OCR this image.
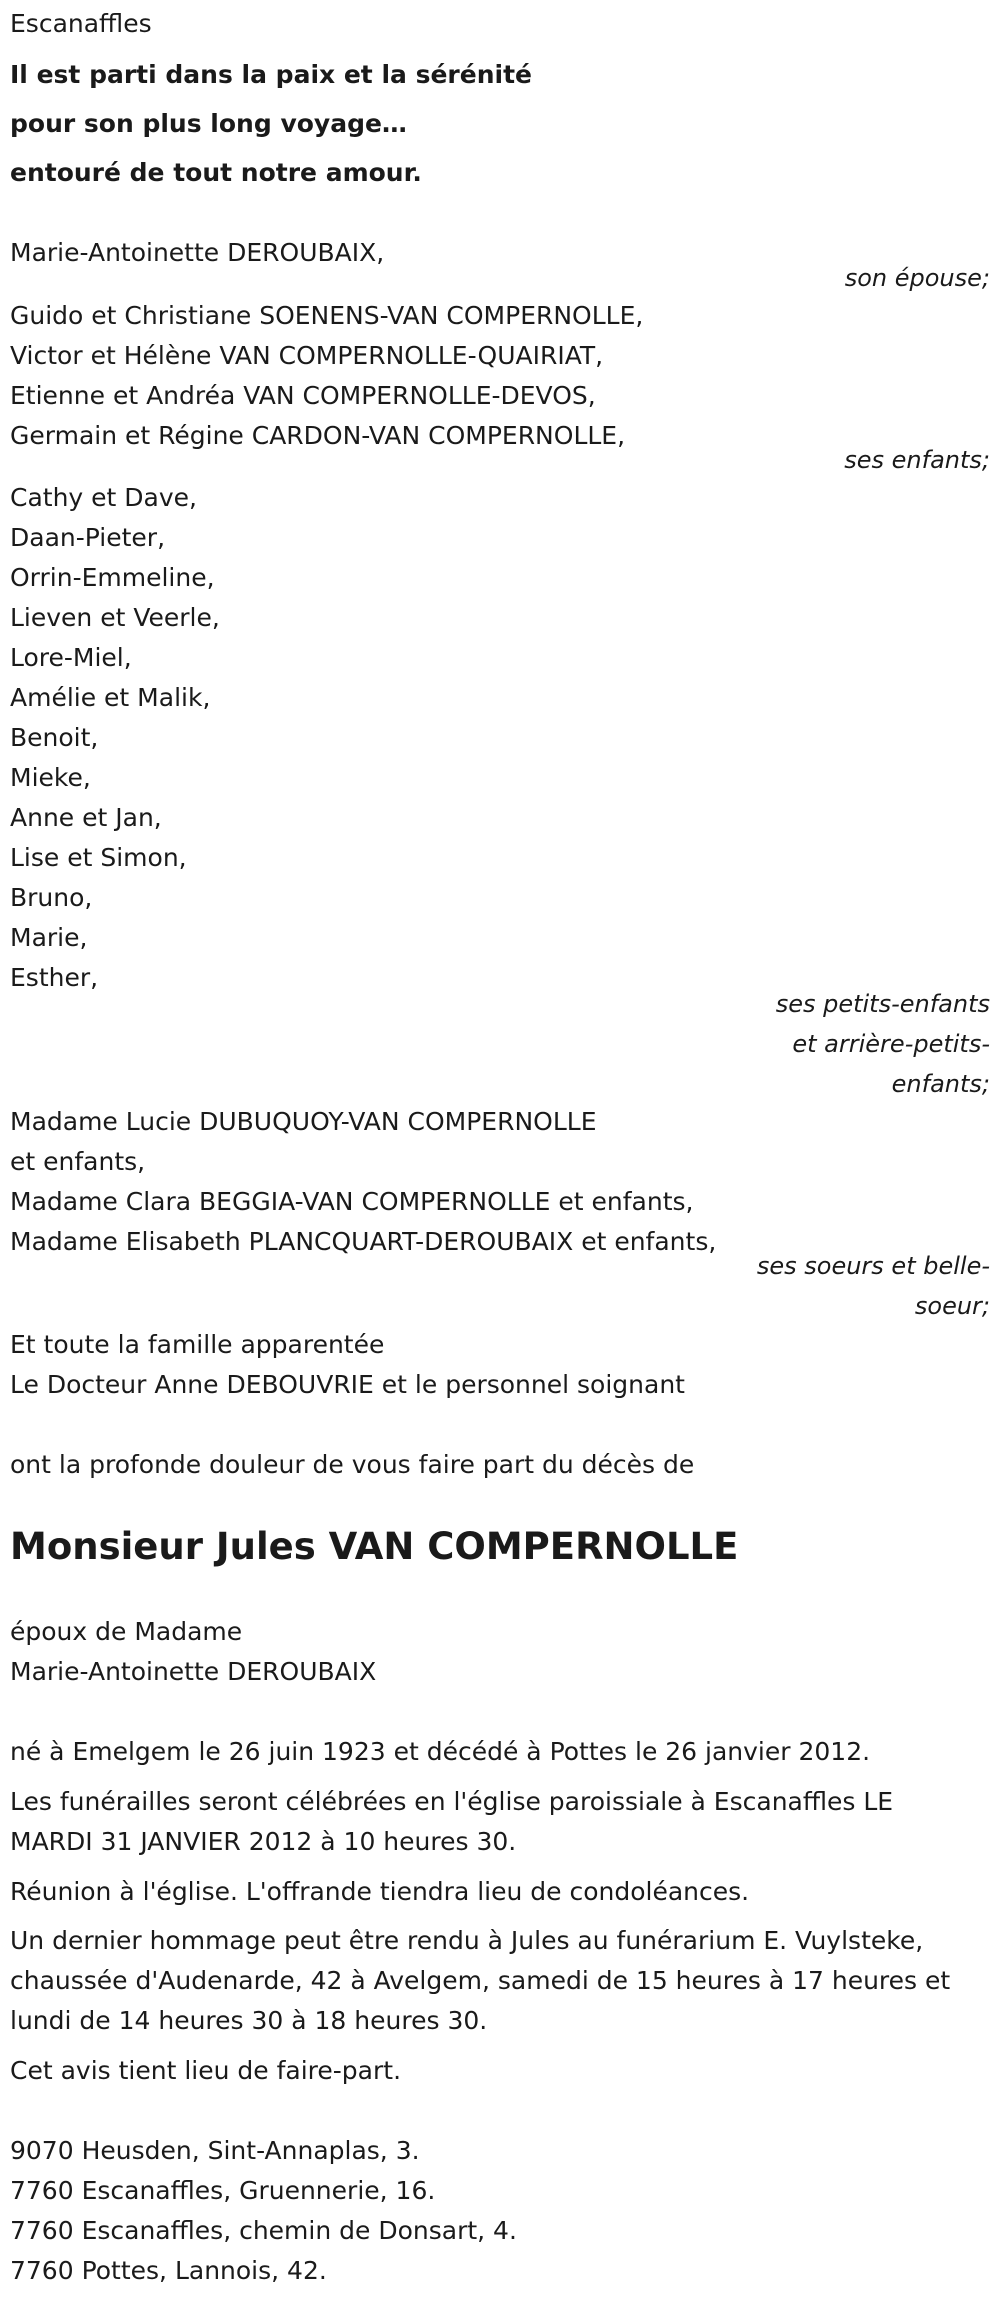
Escanaffles
Il est parti dans la paix et la sérénité
pour son plus long voyage…
entouré de tout notre amour.
Marie-Antoinette DEROUBAIX,
son épouse;
Guido et Christiane SOENENS-VAN COMPERNOLLE,
Victor et Hélène VAN COMPERNOLLE-QUAIRIAT,
Etienne et Andréa VAN COMPERNOLLE-DEVOS,
Germain et Régine CARDON-VAN COMPERNOLLE,
ses enfants;
Cathy et Dave,
Daan-Pieter,
Orrin-Emmeline,
Lieven et Veerle,
Lore-Miel,
Amélie et Malik,
Benoit,
Mieke,
Anne et Jan,
Lise et Simon,
Bruno,
Marie,
Esther,
ses petits-enfants
et arrière-petits-
enfants;
Madame Lucie DUBUQUOY-VAN COMPERNOLLE
et enfants,
Madame Clara BEGGIA-VAN COMPERNOLLE et enfants,
Madame Elisabeth PLANCQUART-DEROUBAIX et enfants,
ses soeurs et belle-
soeur;
Et toute la famille apparentée
Le Docteur Anne DEBOUVRIE et le personnel soignant
ont la profonde douleur de vous faire part du décès de
Monsieur Jules VAN COMPERNOLLE
époux de Madame
Marie-Antoinette DEROUBAIX
né à Emelgem le 26 juin 1923 et décédé à Pottes le 26 janvier 2012.
Les funérailles seront célébrées en l'église paroissiale à Escanaffles LE
MARDI 31 JANVIER 2012 à 10 heures 30.
Réunion à l'église. L'offrande tiendra lieu de condoléances.
Un dernier hommage peut être rendu à Jules au funérarium E. Vuylsteke,
chaussée d'Audenarde, 42 à Avelgem, samedi de 15 heures à 17 heures et
lundi de 14 heures 30 à 18 heures 30.
Cet avis tient lieu de faire-part.
9070 Heusden, Sint-Annaplas, 3.
7760 Escanaffles, Gruennerie, 16.
7760 Escanaffles, chemin de Donsart, 4.
7760 Pottes, Lannois, 42.
